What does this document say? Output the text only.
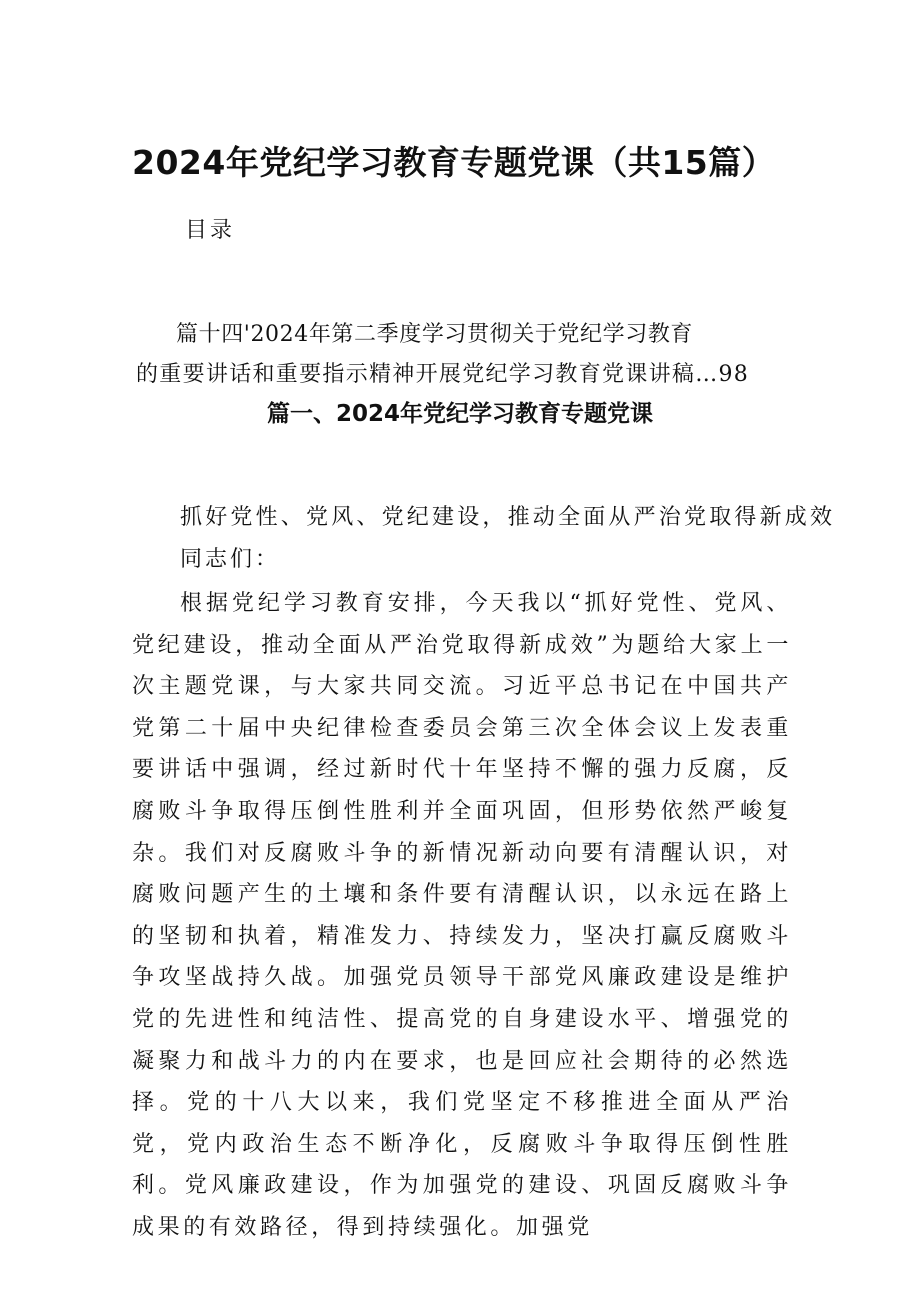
2024年党纪学习教育专题党课（共15篇）
目录
篇十四'2024年第二季度学习贯彻关于党纪学习教育
的重要讲话和重要指示精神开展党纪学习教育党课讲稿…98
篇一、2024年党纪学习教育专题党课
抓好党性、党风、党纪建设，推动全面从严治党取得新成效
同志们：

根据党纪学习教育安排，今天我以“抓好党性、党风、党纪建设，推动全面从严治党取得新成效”为题给大家上一次主题党课，与大家共同交流。习近平总书记在中国共产党第二十届中央纪律检查委员会第三次全体会议上发表重要讲话中强调，经过新时代十年坚持不懈的强力反腐，反腐败斗争取得压倒性胜利并全面巩固，但形势依然严峻复杂。我们对反腐败斗争的新情况新动向要有清醒认识，对腐败问题产生的土壤和条件要有清醒认识，以永远在路上的坚韧和执着，精准发力、持续发力，坚决打赢反腐败斗争攻坚战持久战。加强党员领导干部党风廉政建设是维护党的先进性和纯洁性、提高党的自身建设水平、增强党的凝聚力和战斗力的内在要求，也是回应社会期待的必然选择。党的十八大以来，我们党坚定不移推进全面从严治党，党内政治生态不断净化，反腐败斗争取得压倒性胜利。党风廉政建设，作为加强党的建设、巩固反腐败斗争成果的有效路径，得到持续强化。加强党
